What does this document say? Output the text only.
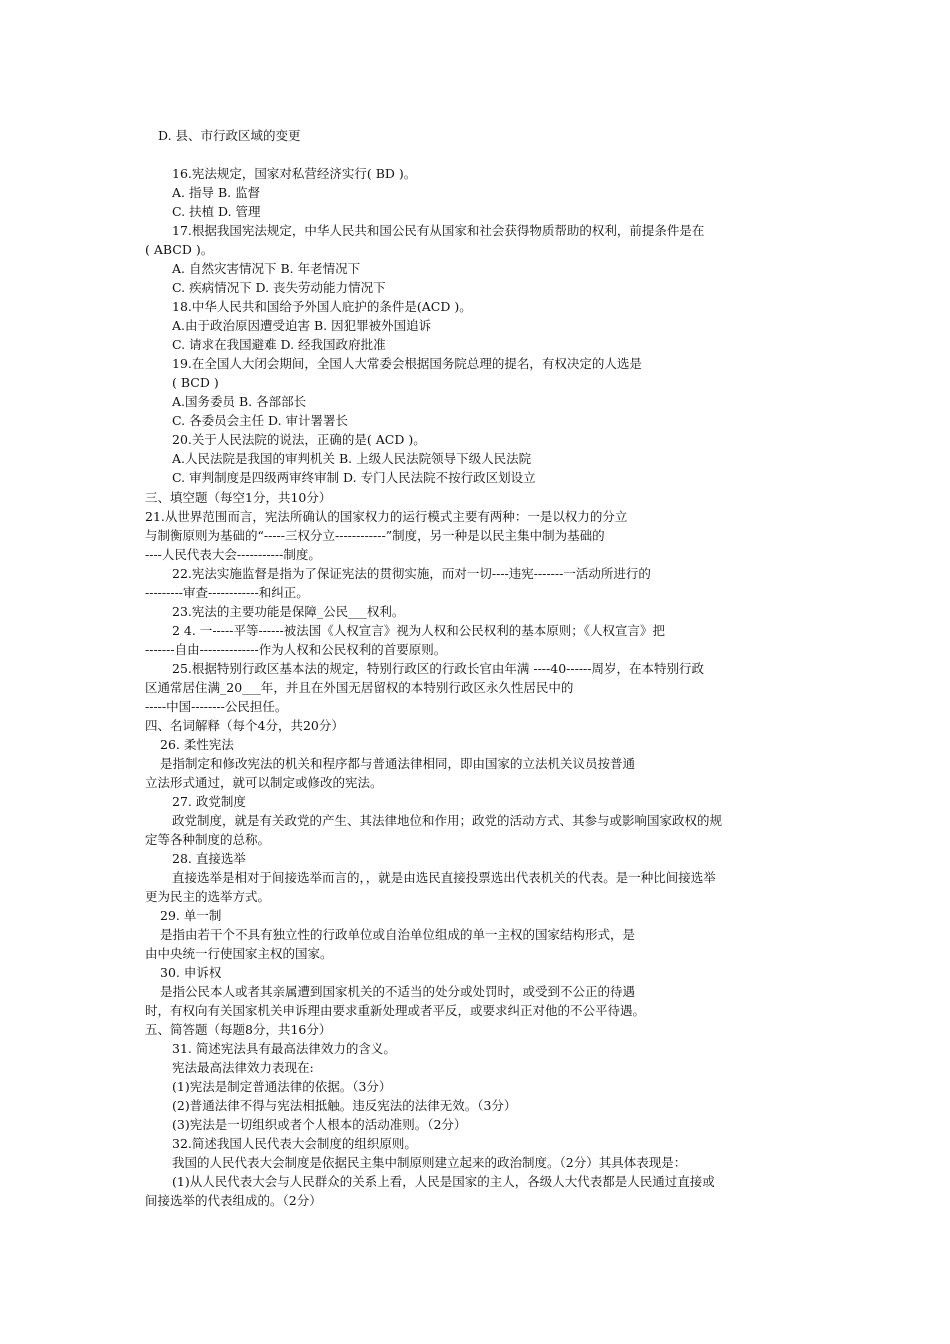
D. 县、市行政区域的变更
16.宪法规定，国家对私营经济实行( BD )。
A. 指导 B. 监督
C. 扶植 D. 管理
17.根据我国宪法规定，中华人民共和国公民有从国家和社会获得物质帮助的权利，前提条件是在
( ABCD )。
A. 自然灾害情况下 B. 年老情况下
C. 疾病情况下 D. 丧失劳动能力情况下
18.中华人民共和国给予外国人庇护的条件是(ACD )。
A.由于政治原因遭受迫害 B. 因犯罪被外国追诉
C. 请求在我国避难 D. 经我国政府批准
19.在全国人大闭会期间，全国人大常委会根据国务院总理的提名，有权决定的人选是
( BCD )
A.国务委员 B. 各部部长
C. 各委员会主任 D. 审计署署长
20.关于人民法院的说法，正确的是( ACD )。
A.人民法院是我国的审判机关 B. 上级人民法院领导下级人民法院
C. 审判制度是四级两审终审制 D. 专门人民法院不按行政区划设立
三、填空题（每空1分，共10分）
21.从世界范围而言，宪法所确认的国家权力的运行模式主要有两种：一是以权力的分立
与制衡原则为基础的“-----三权分立------------”制度，另一种是以民主集中制为基础的
----人民代表大会-----------制度。
22.宪法实施监督是指为了保证宪法的贯彻实施，而对一切----违宪-------一活动所进行的
---------审查------------和纠正。
23.宪法的主要功能是保障_公民___权利。
2 4. 一-----平等------被法国《人权宣言》视为人权和公民权利的基本原则；《人权宣言》把
-------自由--------------作为人权和公民权利的首要原则。
25.根据特别行政区基本法的规定，特别行政区的行政长官由年满 ----40------周岁，在本特别行政
区通常居住满_20___年，并且在外国无居留权的本特别行政区永久性居民中的
-----中国--------公民担任。
四、名词解释（每个4分，共20分）
26. 柔性宪法
是指制定和修改宪法的机关和程序都与普通法律相同，即由国家的立法机关议员按普通
立法形式通过，就可以制定或修改的宪法。
27. 政党制度
政党制度，就是有关政党的产生、其法律地位和作用；政党的活动方式、其参与或影响国家政权的规
定等各种制度的总称。
28. 直接选举
直接选举是相对于间接选举而言的，，就是由选民直接投票选出代表机关的代表。是一种比间接选举
更为民主的选举方式。
29. 单一制
是指由若干个不具有独立性的行政单位或自治单位组成的单一主权的国家结构形式，是
由中央统一行使国家主权的国家。
30. 申诉权
是指公民本人或者其亲属遭到国家机关的不适当的处分或处罚时，或受到不公正的待遇
时，有权向有关国家机关申诉理由要求重新处理或者平反，或要求纠正对他的不公平待遇。
五、简答题（每题8分，共16分）
31. 简述宪法具有最高法律效力的含义。
宪法最高法律效力表现在:
(1)宪法是制定普通法律的依据。（3分）
(2)普通法律不得与宪法相抵触。违反宪法的法律无效。（3分）
(3)宪法是一切组织或者个人根本的活动准则。（2分）
32.简述我国人民代表大会制度的组织原则。
我国的人民代表大会制度是依据民主集中制原则建立起来的政治制度。（2分）其具体表现是：
(1)从人民代表大会与人民群众的关系上看，人民是国家的主人，各级人大代表都是人民通过直接或
间接选举的代表组成的。（2分）
